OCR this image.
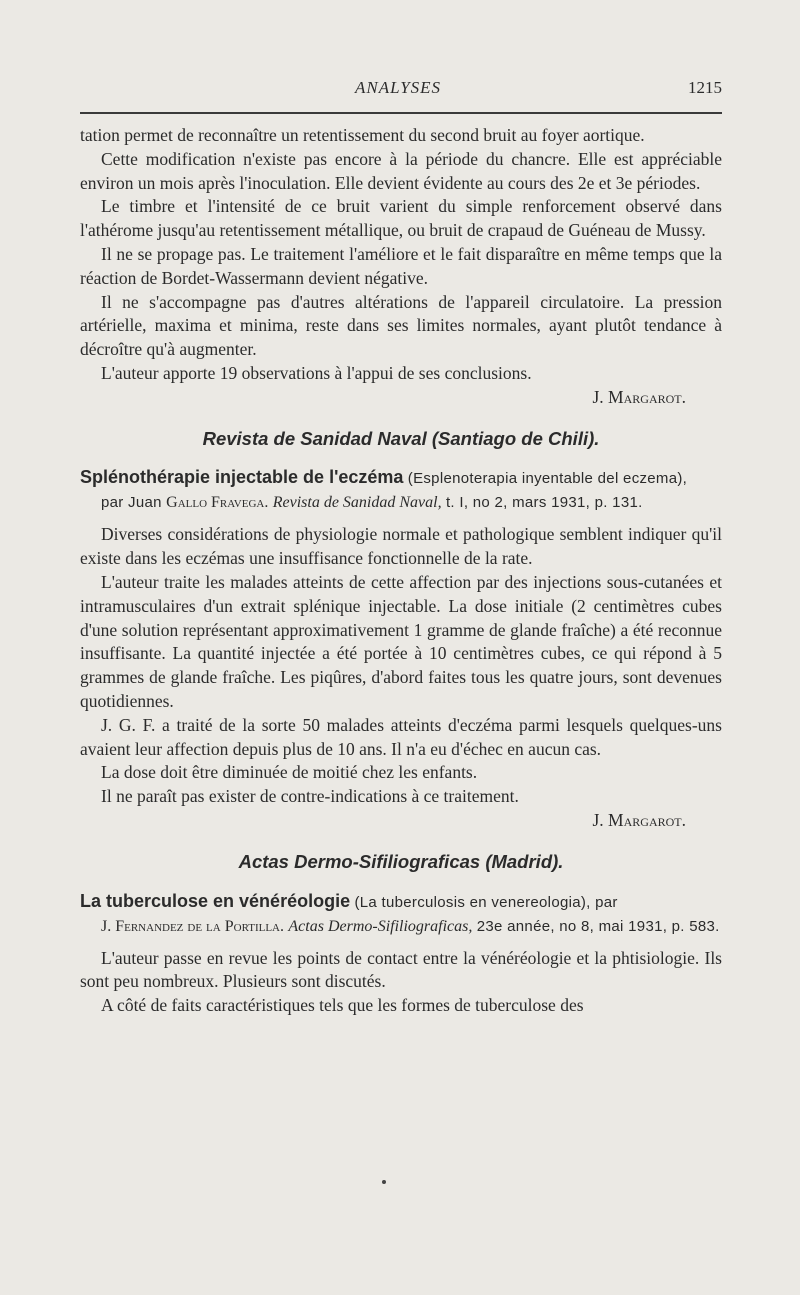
ANALYSES	1215

tation permet de reconnaître un retentissement du second bruit au foyer aortique.

Cette modification n'existe pas encore à la période du chancre. Elle est appréciable environ un mois après l'inoculation. Elle devient évidente au cours des 2e et 3e périodes.

Le timbre et l'intensité de ce bruit varient du simple renforcement observé dans l'athérome jusqu'au retentissement métallique, ou bruit de crapaud de Guéneau de Mussy.

Il ne se propage pas. Le traitement l'améliore et le fait disparaître en même temps que la réaction de Bordet-Wassermann devient négative.

Il ne s'accompagne pas d'autres altérations de l'appareil circulatoire. La pression artérielle, maxima et minima, reste dans ses limites normales, ayant plutôt tendance à décroître qu'à augmenter.

L'auteur apporte 19 observations à l'appui de ses conclusions.

J. Margarot.
Revista de Sanidad Naval (Santiago de Chili).

Splénothérapie injectable de l'eczéma (Esplenoterapia inyentable del eczema),
par Juan Gallo Fravega. Revista de Sanidad Naval, t. I, no 2, mars 1931, p. 131.

Diverses considérations de physiologie normale et pathologique semblent indiquer qu'il existe dans les eczémas une insuffisance fonctionnelle de la rate.

L'auteur traite les malades atteints de cette affection par des injections sous-cutanées et intramusculaires d'un extrait splénique injectable. La dose initiale (2 centimètres cubes d'une solution représentant approximativement 1 gramme de glande fraîche) a été reconnue insuffisante. La quantité injectée a été portée à 10 centimètres cubes, ce qui répond à 5 grammes de glande fraîche. Les piqûres, d'abord faites tous les quatre jours, sont devenues quotidiennes.

J. G. F. a traité de la sorte 50 malades atteints d'eczéma parmi lesquels quelques-uns avaient leur affection depuis plus de 10 ans. Il n'a eu d'échec en aucun cas.

La dose doit être diminuée de moitié chez les enfants.

Il ne paraît pas exister de contre-indications à ce traitement.

J. Margarot.
Actas Dermo-Sifiliograficas (Madrid).

La tuberculose en vénéréologie (La tuberculosis en venereologia), par
J. Fernandez de la Portilla. Actas Dermo-Sifiliograficas, 23e année, no 8, mai 1931, p. 583.

L'auteur passe en revue les points de contact entre la vénéréologie et la phtisiologie. Ils sont peu nombreux. Plusieurs sont discutés.

A côté de faits caractéristiques tels que les formes de tuberculose des
